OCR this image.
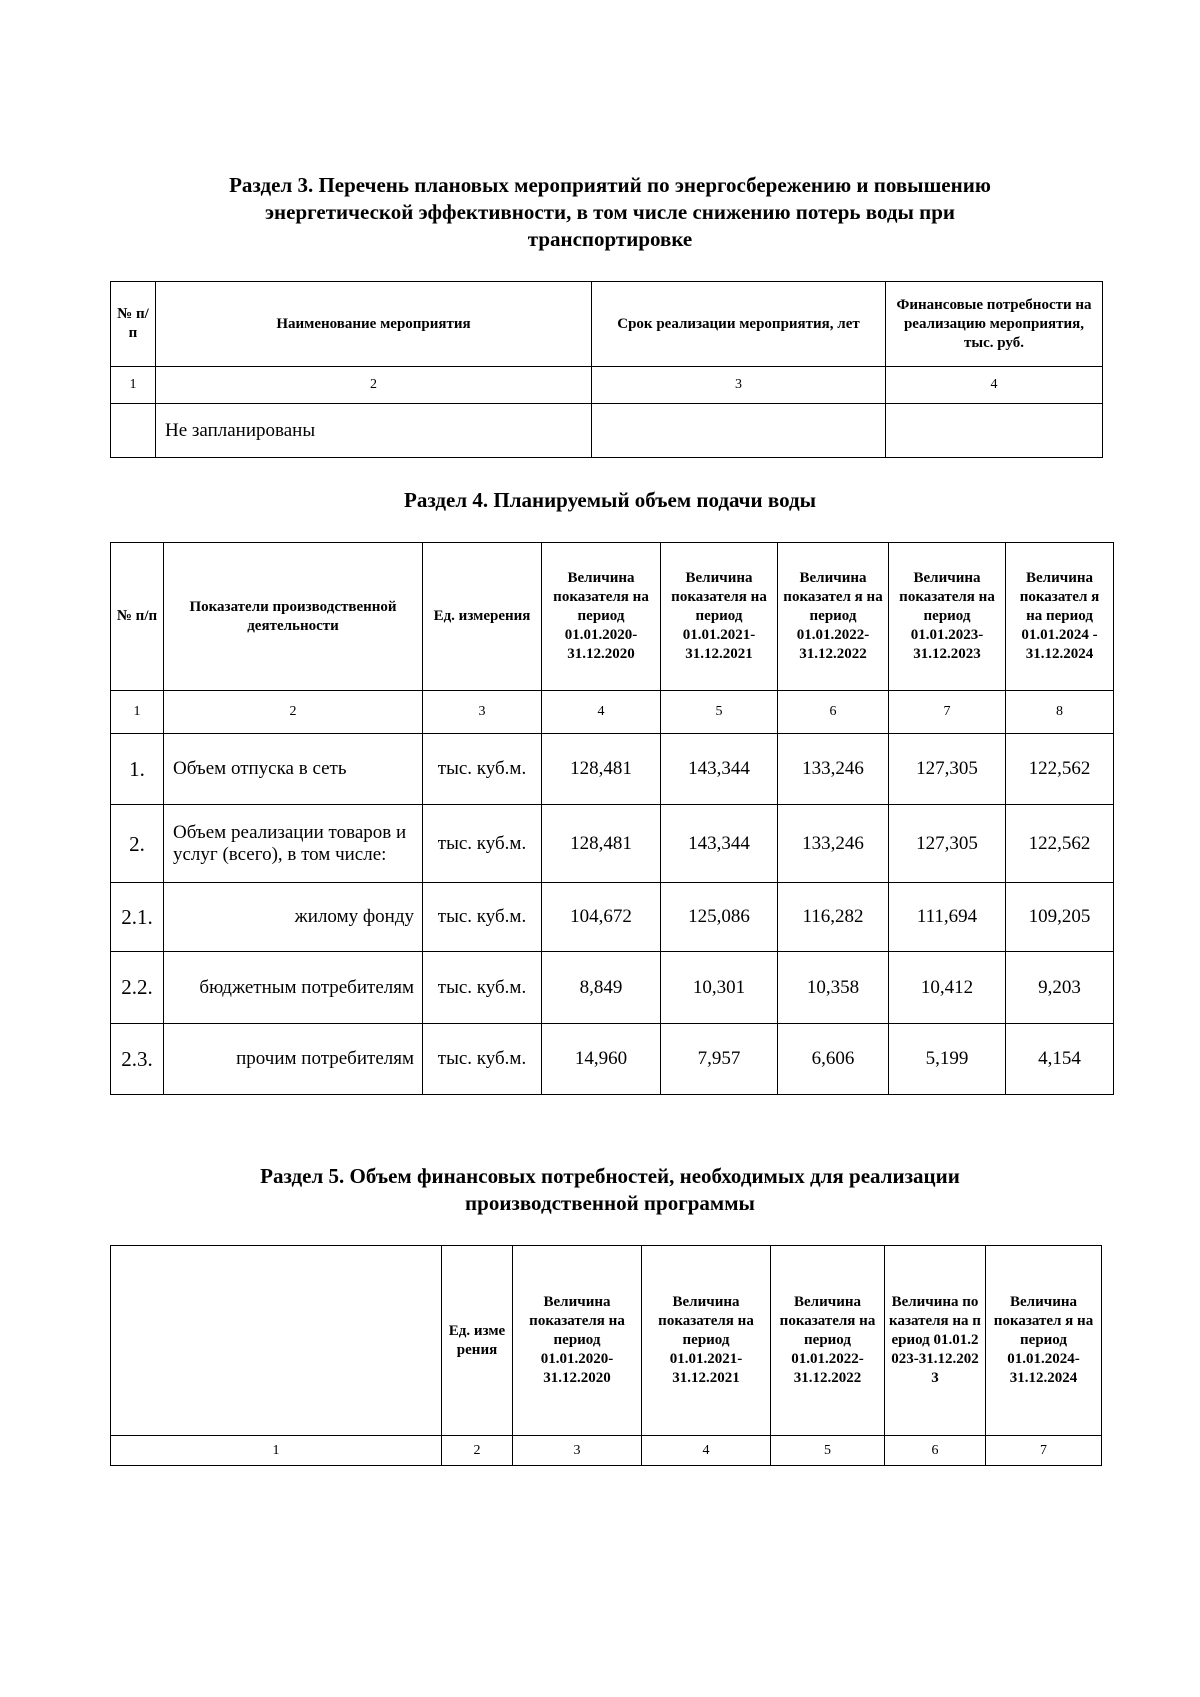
Раздел 3. Перечень плановых мероприятий по энергосбережению и повышению
энергетической эффективности, в том числе снижению потерь воды при
транспортировке
№ п/п	Наименование мероприятия	Срок реализации мероприятия, лет	Финансовые потребности на реализацию мероприятия, тыс. руб.
1	2	3	4
	Не запланированы		
Раздел 4. Планируемый объем подачи воды
№ п/п	Показатели производственной деятельности	Ед. измерения	Величина показателя на период 01.01.2020-31.12.2020	Величина показателя на период 01.01.2021-31.12.2021	Величина показател я на период 01.01.2022-31.12.2022	Величина показателя на период 01.01.2023-31.12.2023	Величина показател я на период 01.01.2024 - 31.12.2024
1	2	3	4	5	6	7	8
1.	Объем отпуска в сеть	тыс. куб.м.	128,481	143,344	133,246	127,305	122,562
2.	Объем реализации товаров и услуг (всего), в том числе:	тыс. куб.м.	128,481	143,344	133,246	127,305	122,562
2.1.	жилому фонду	тыс. куб.м.	104,672	125,086	116,282	111,694	109,205
2.2.	бюджетным потребителям	тыс. куб.м.	8,849	10,301	10,358	10,412	9,203
2.3.	прочим потребителям	тыс. куб.м.	14,960	7,957	6,606	5,199	4,154
Раздел 5. Объем финансовых потребностей, необходимых для реализации
производственной программы
	Ед. измерения	Величина показателя на период 01.01.2020-31.12.2020	Величина показателя на период 01.01.2021-31.12.2021	Величина показателя на период 01.01.2022-31.12.2022	Величина показателя на период 01.01.2023-31.12.2023	Величина показател я на период 01.01.2024-31.12.2024
1	2	3	4	5	6	7
